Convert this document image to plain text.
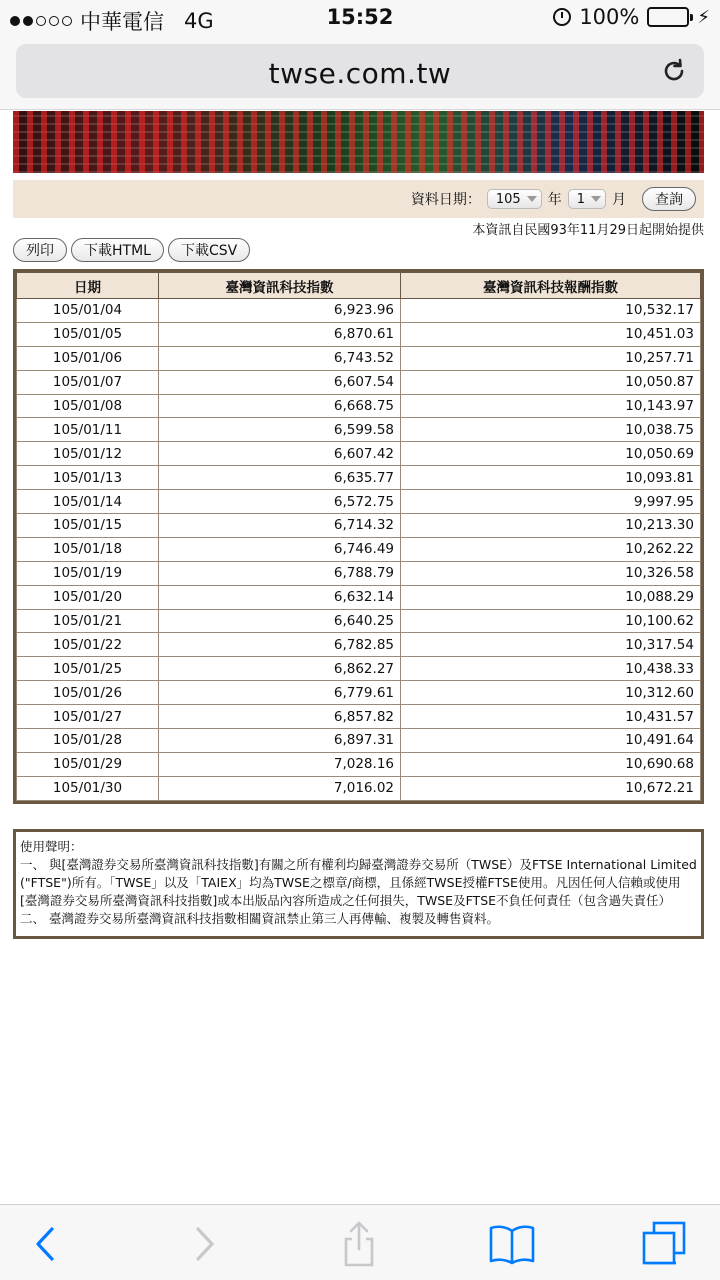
中華電信 4G	15:52	100%	⚡
twse.com.tw
資料日期： 105 年 1 月	查詢
本資訊自民國93年11月29日起開始提供
列印	下載HTML	下載CSV
日期	臺灣資訊科技指數	臺灣資訊科技報酬指數
105/01/04	6,923.96	10,532.17
105/01/05	6,870.61	10,451.03
105/01/06	6,743.52	10,257.71
105/01/07	6,607.54	10,050.87
105/01/08	6,668.75	10,143.97
105/01/11	6,599.58	10,038.75
105/01/12	6,607.42	10,050.69
105/01/13	6,635.77	10,093.81
105/01/14	6,572.75	9,997.95
105/01/15	6,714.32	10,213.30
105/01/18	6,746.49	10,262.22
105/01/19	6,788.79	10,326.58
105/01/20	6,632.14	10,088.29
105/01/21	6,640.25	10,100.62
105/01/22	6,782.85	10,317.54
105/01/25	6,862.27	10,438.33
105/01/26	6,779.61	10,312.60
105/01/27	6,857.82	10,431.57
105/01/28	6,897.31	10,491.64
105/01/29	7,028.16	10,690.68
105/01/30	7,016.02	10,672.21
使用聲明：
一、 與[臺灣證券交易所臺灣資訊科技指數]有關之所有權利均歸臺灣證券交易所（TWSE）及FTSE International Limited ("FTSE")所有。「TWSE」以及「TAIEX」均為TWSE之標章/商標，且係經TWSE授權FTSE使用。凡因任何人信賴或使用[臺灣證券交易所臺灣資訊科技指數]或本出版品內容所造成之任何損失，TWSE及FTSE不負任何責任（包含過失責任）
二、 臺灣證券交易所臺灣資訊科技指數相關資訊禁止第三人再傳輸、複製及轉售資料。
